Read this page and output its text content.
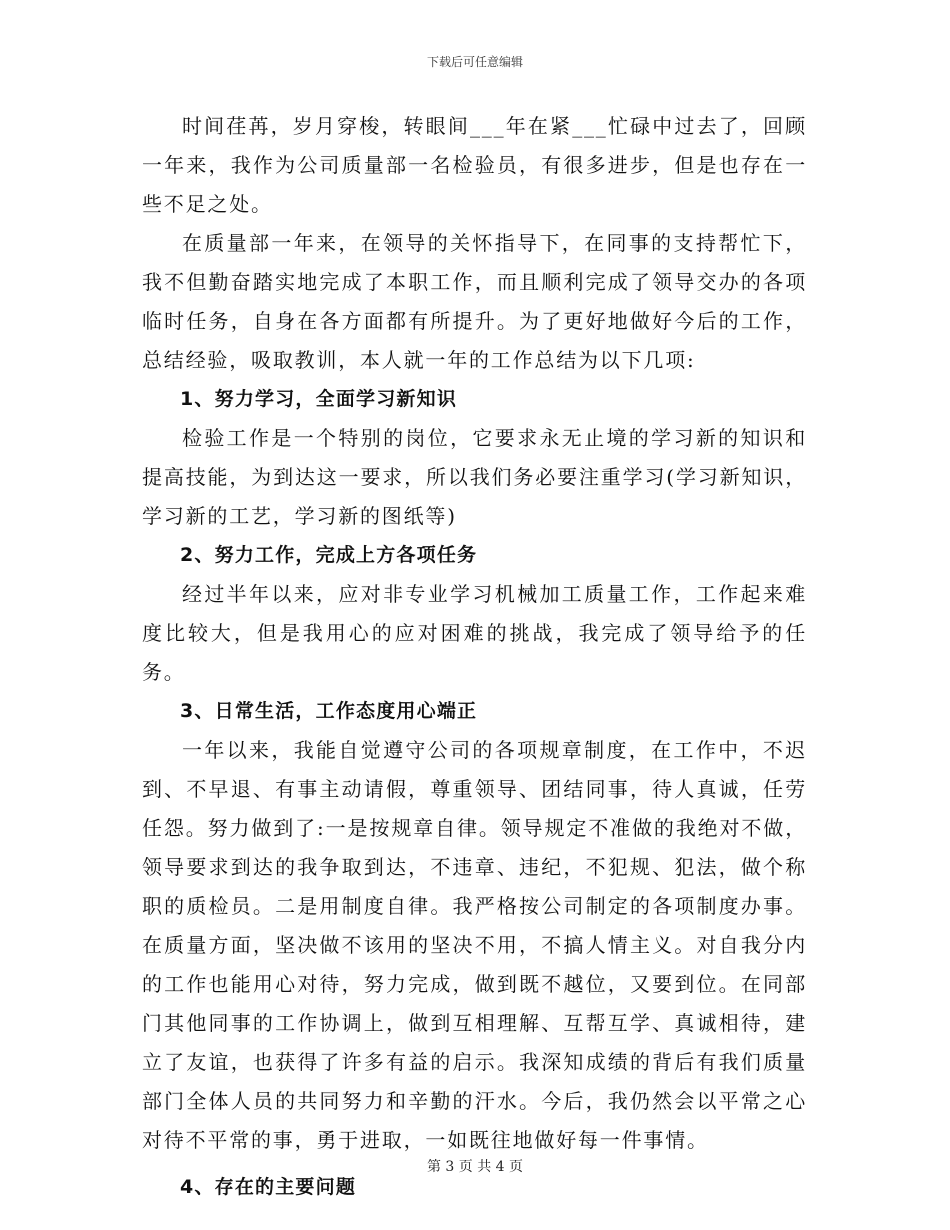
下载后可任意编辑

时间荏苒，岁月穿梭，转眼间___年在紧___忙碌中过去了，回顾一年来，我作为公司质量部一名检验员，有很多进步，但是也存在一些不足之处。

在质量部一年来，在领导的关怀指导下，在同事的支持帮忙下，我不但勤奋踏实地完成了本职工作，而且顺利完成了领导交办的各项临时任务，自身在各方面都有所提升。为了更好地做好今后的工作，总结经验，吸取教训，本人就一年的工作总结为以下几项:

1、努力学习，全面学习新知识

检验工作是一个特别的岗位，它要求永无止境的学习新的知识和提高技能，为到达这一要求，所以我们务必要注重学习(学习新知识，学习新的工艺，学习新的图纸等)

2、努力工作，完成上方各项任务

经过半年以来，应对非专业学习机械加工质量工作，工作起来难度比较大，但是我用心的应对困难的挑战，我完成了领导给予的任务。

3、日常生活，工作态度用心端正

一年以来，我能自觉遵守公司的各项规章制度，在工作中，不迟到、不早退、有事主动请假，尊重领导、团结同事，待人真诚，任劳任怨。努力做到了:一是按规章自律。领导规定不准做的我绝对不做，领导要求到达的我争取到达，不违章、违纪，不犯规、犯法，做个称职的质检员。二是用制度自律。我严格按公司制定的各项制度办事。在质量方面，坚决做不该用的坚决不用，不搞人情主义。对自我分内的工作也能用心对待，努力完成，做到既不越位，又要到位。在同部门其他同事的工作协调上，做到互相理解、互帮互学、真诚相待，建立了友谊，也获得了许多有益的启示。我深知成绩的背后有我们质量部门全体人员的共同努力和辛勤的汗水。今后，我仍然会以平常之心对待不平常的事，勇于进取，一如既往地做好每一件事情。

4、存在的主要问题

第 3 页 共 4 页
